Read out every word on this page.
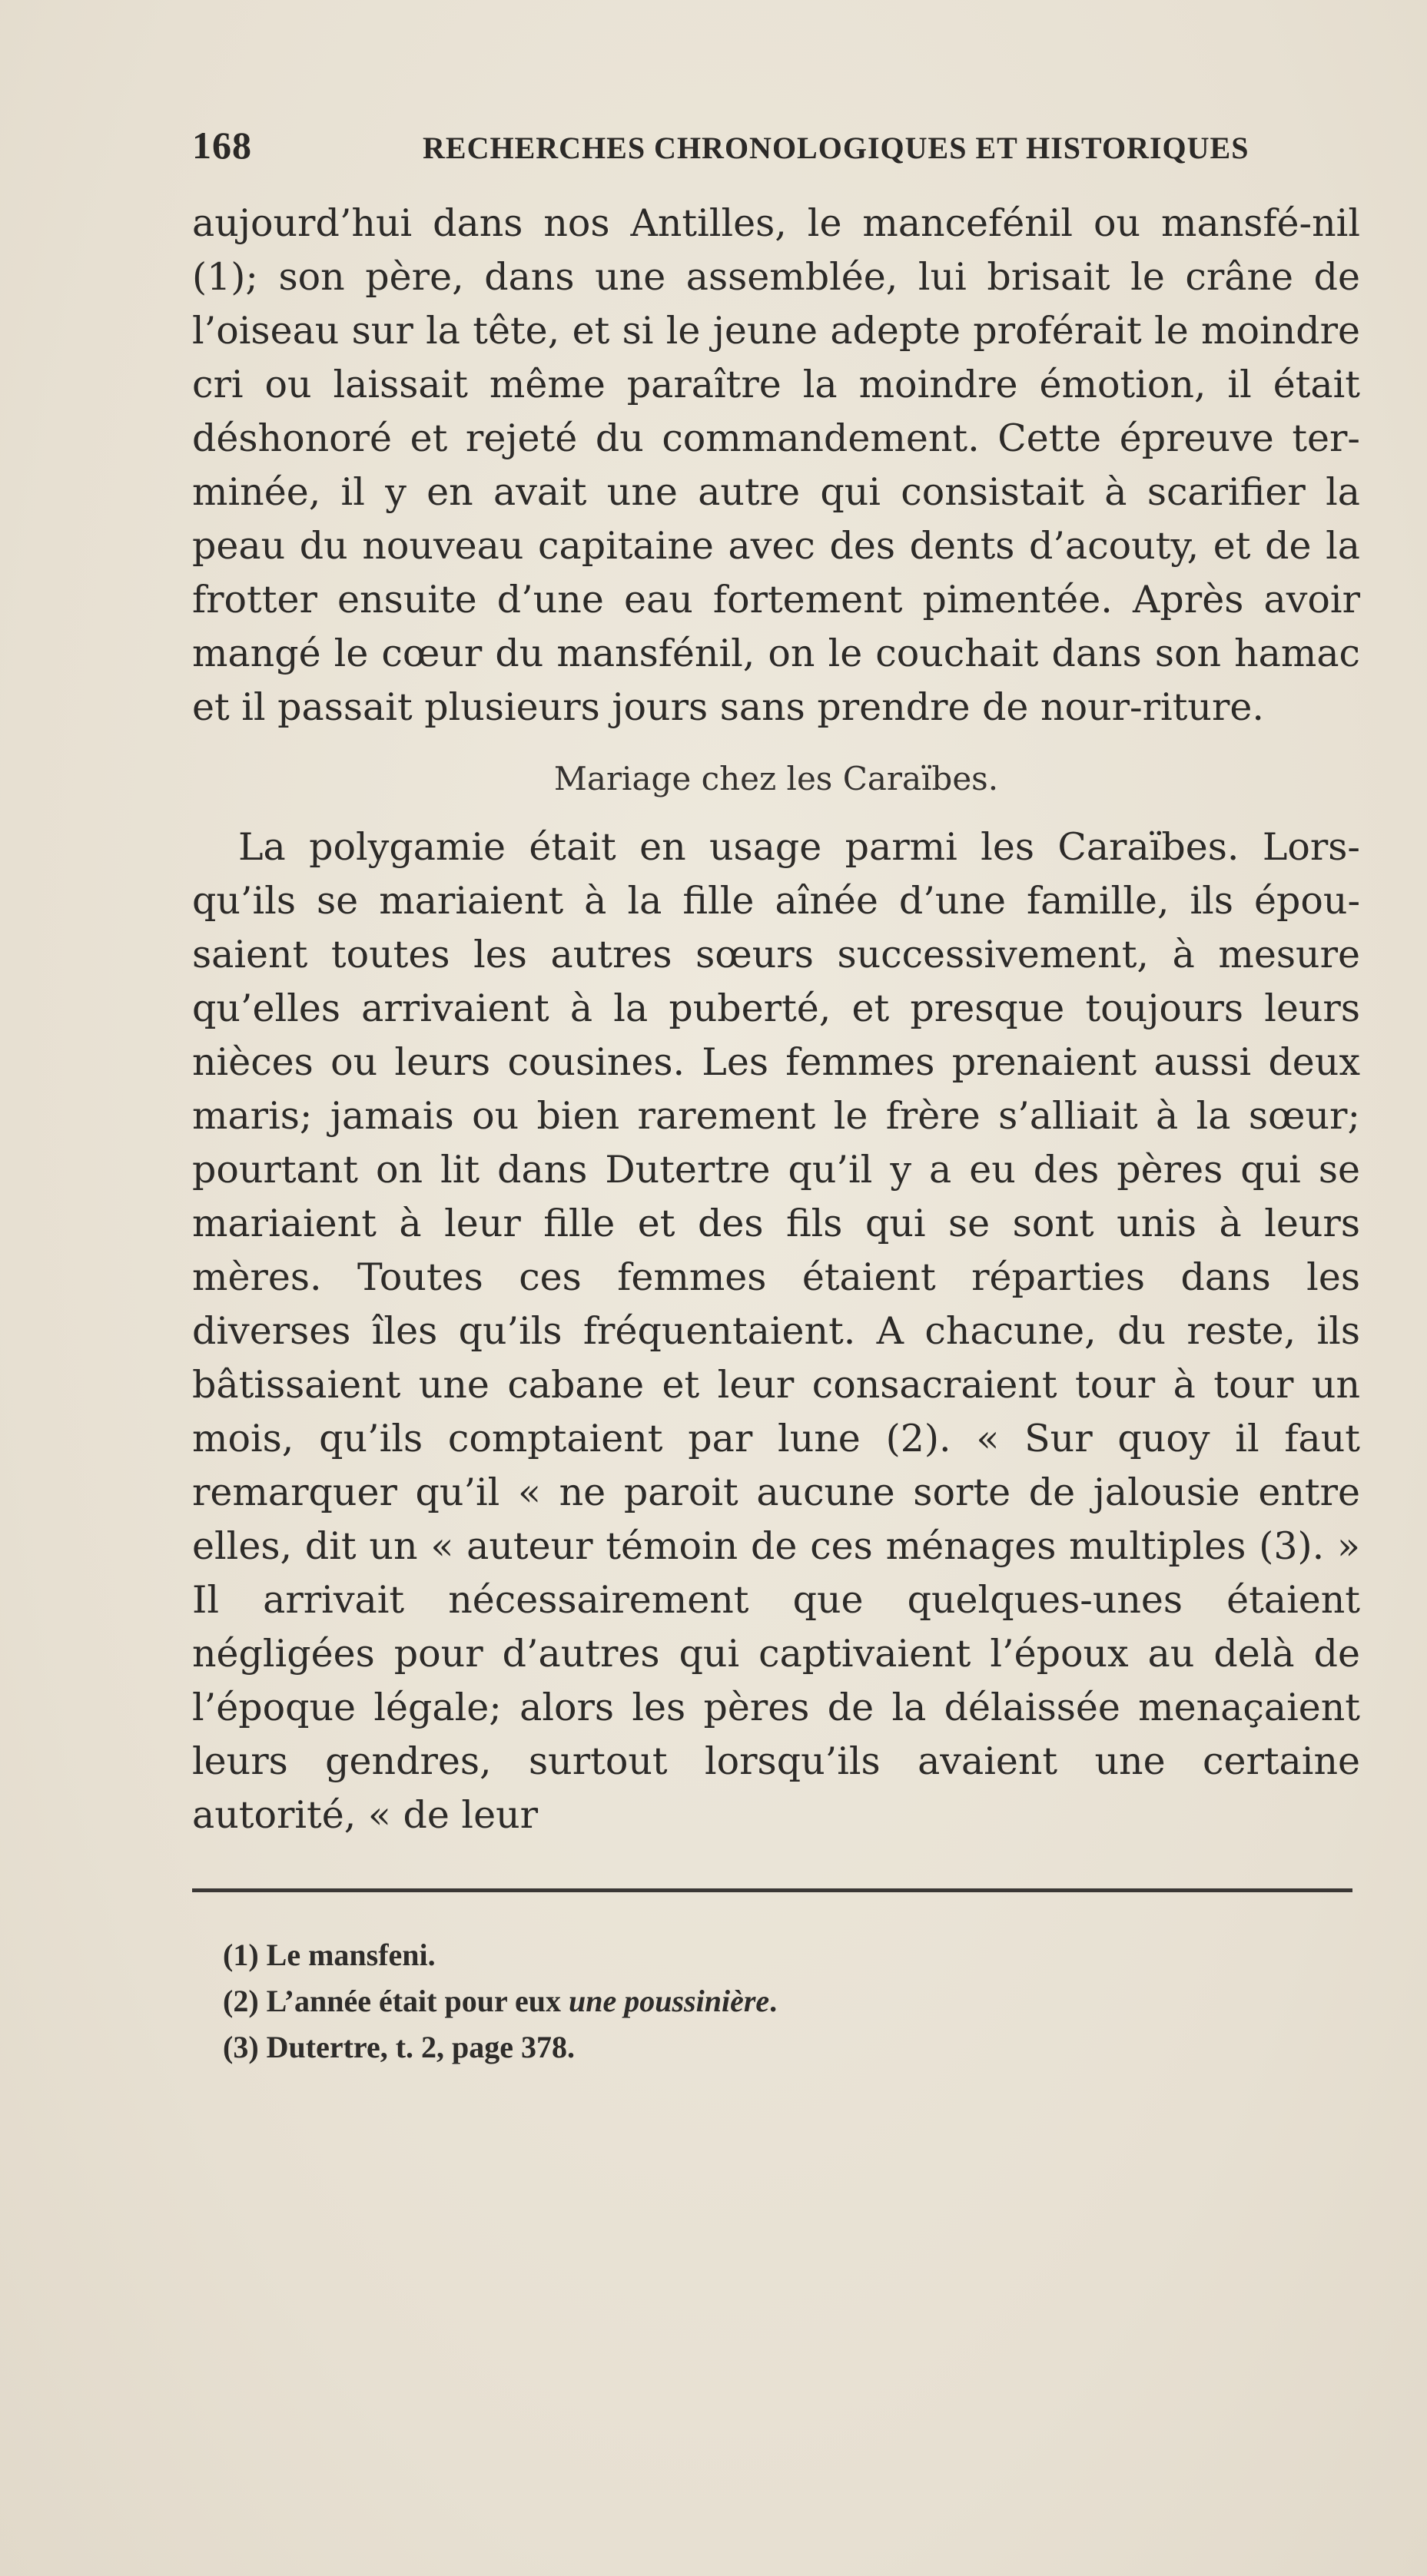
168	RECHERCHES CHRONOLOGIQUES ET HISTORIQUES

aujourd’hui dans nos Antilles, le mancefénil ou mansfé-nil (1); son père, dans une assemblée, lui brisait le crâne de l’oiseau sur la tête, et si le jeune adepte proférait le moindre cri ou laissait même paraître la moindre émotion, il était déshonoré et rejeté du commandement. Cette épreuve ter-minée, il y en avait une autre qui consistait à scarifier la peau du nouveau capitaine avec des dents d’acouty, et de la frotter ensuite d’une eau fortement pimentée. Après avoir mangé le cœur du mansfénil, on le couchait dans son hamac et il passait plusieurs jours sans prendre de nour-riture.

Mariage chez les Caraïbes.

La polygamie était en usage parmi les Caraïbes. Lors-qu’ils se mariaient à la fille aînée d’une famille, ils épou-saient toutes les autres sœurs successivement, à mesure qu’elles arrivaient à la puberté, et presque toujours leurs nièces ou leurs cousines. Les femmes prenaient aussi deux maris; jamais ou bien rarement le frère s’alliait à la sœur; pourtant on lit dans Dutertre qu’il y a eu des pères qui se mariaient à leur fille et des fils qui se sont unis à leurs mères. Toutes ces femmes étaient réparties dans les diverses îles qu’ils fréquentaient. A chacune, du reste, ils bâtissaient une cabane et leur consacraient tour à tour un mois, qu’ils comptaient par lune (2). « Sur quoy il faut remarquer qu’il « ne paroit aucune sorte de jalousie entre elles, dit un « auteur témoin de ces ménages multiples (3). » Il arrivait nécessairement que quelques-unes étaient négligées pour d’autres qui captivaient l’époux au delà de l’époque légale; alors les pères de la délaissée menaçaient leurs gendres, surtout lorsqu’ils avaient une certaine autorité, « de leur

(1) Le mansfeni.

(2) L’année était pour eux une poussinière.

(3) Dutertre, t. 2, page 378.
